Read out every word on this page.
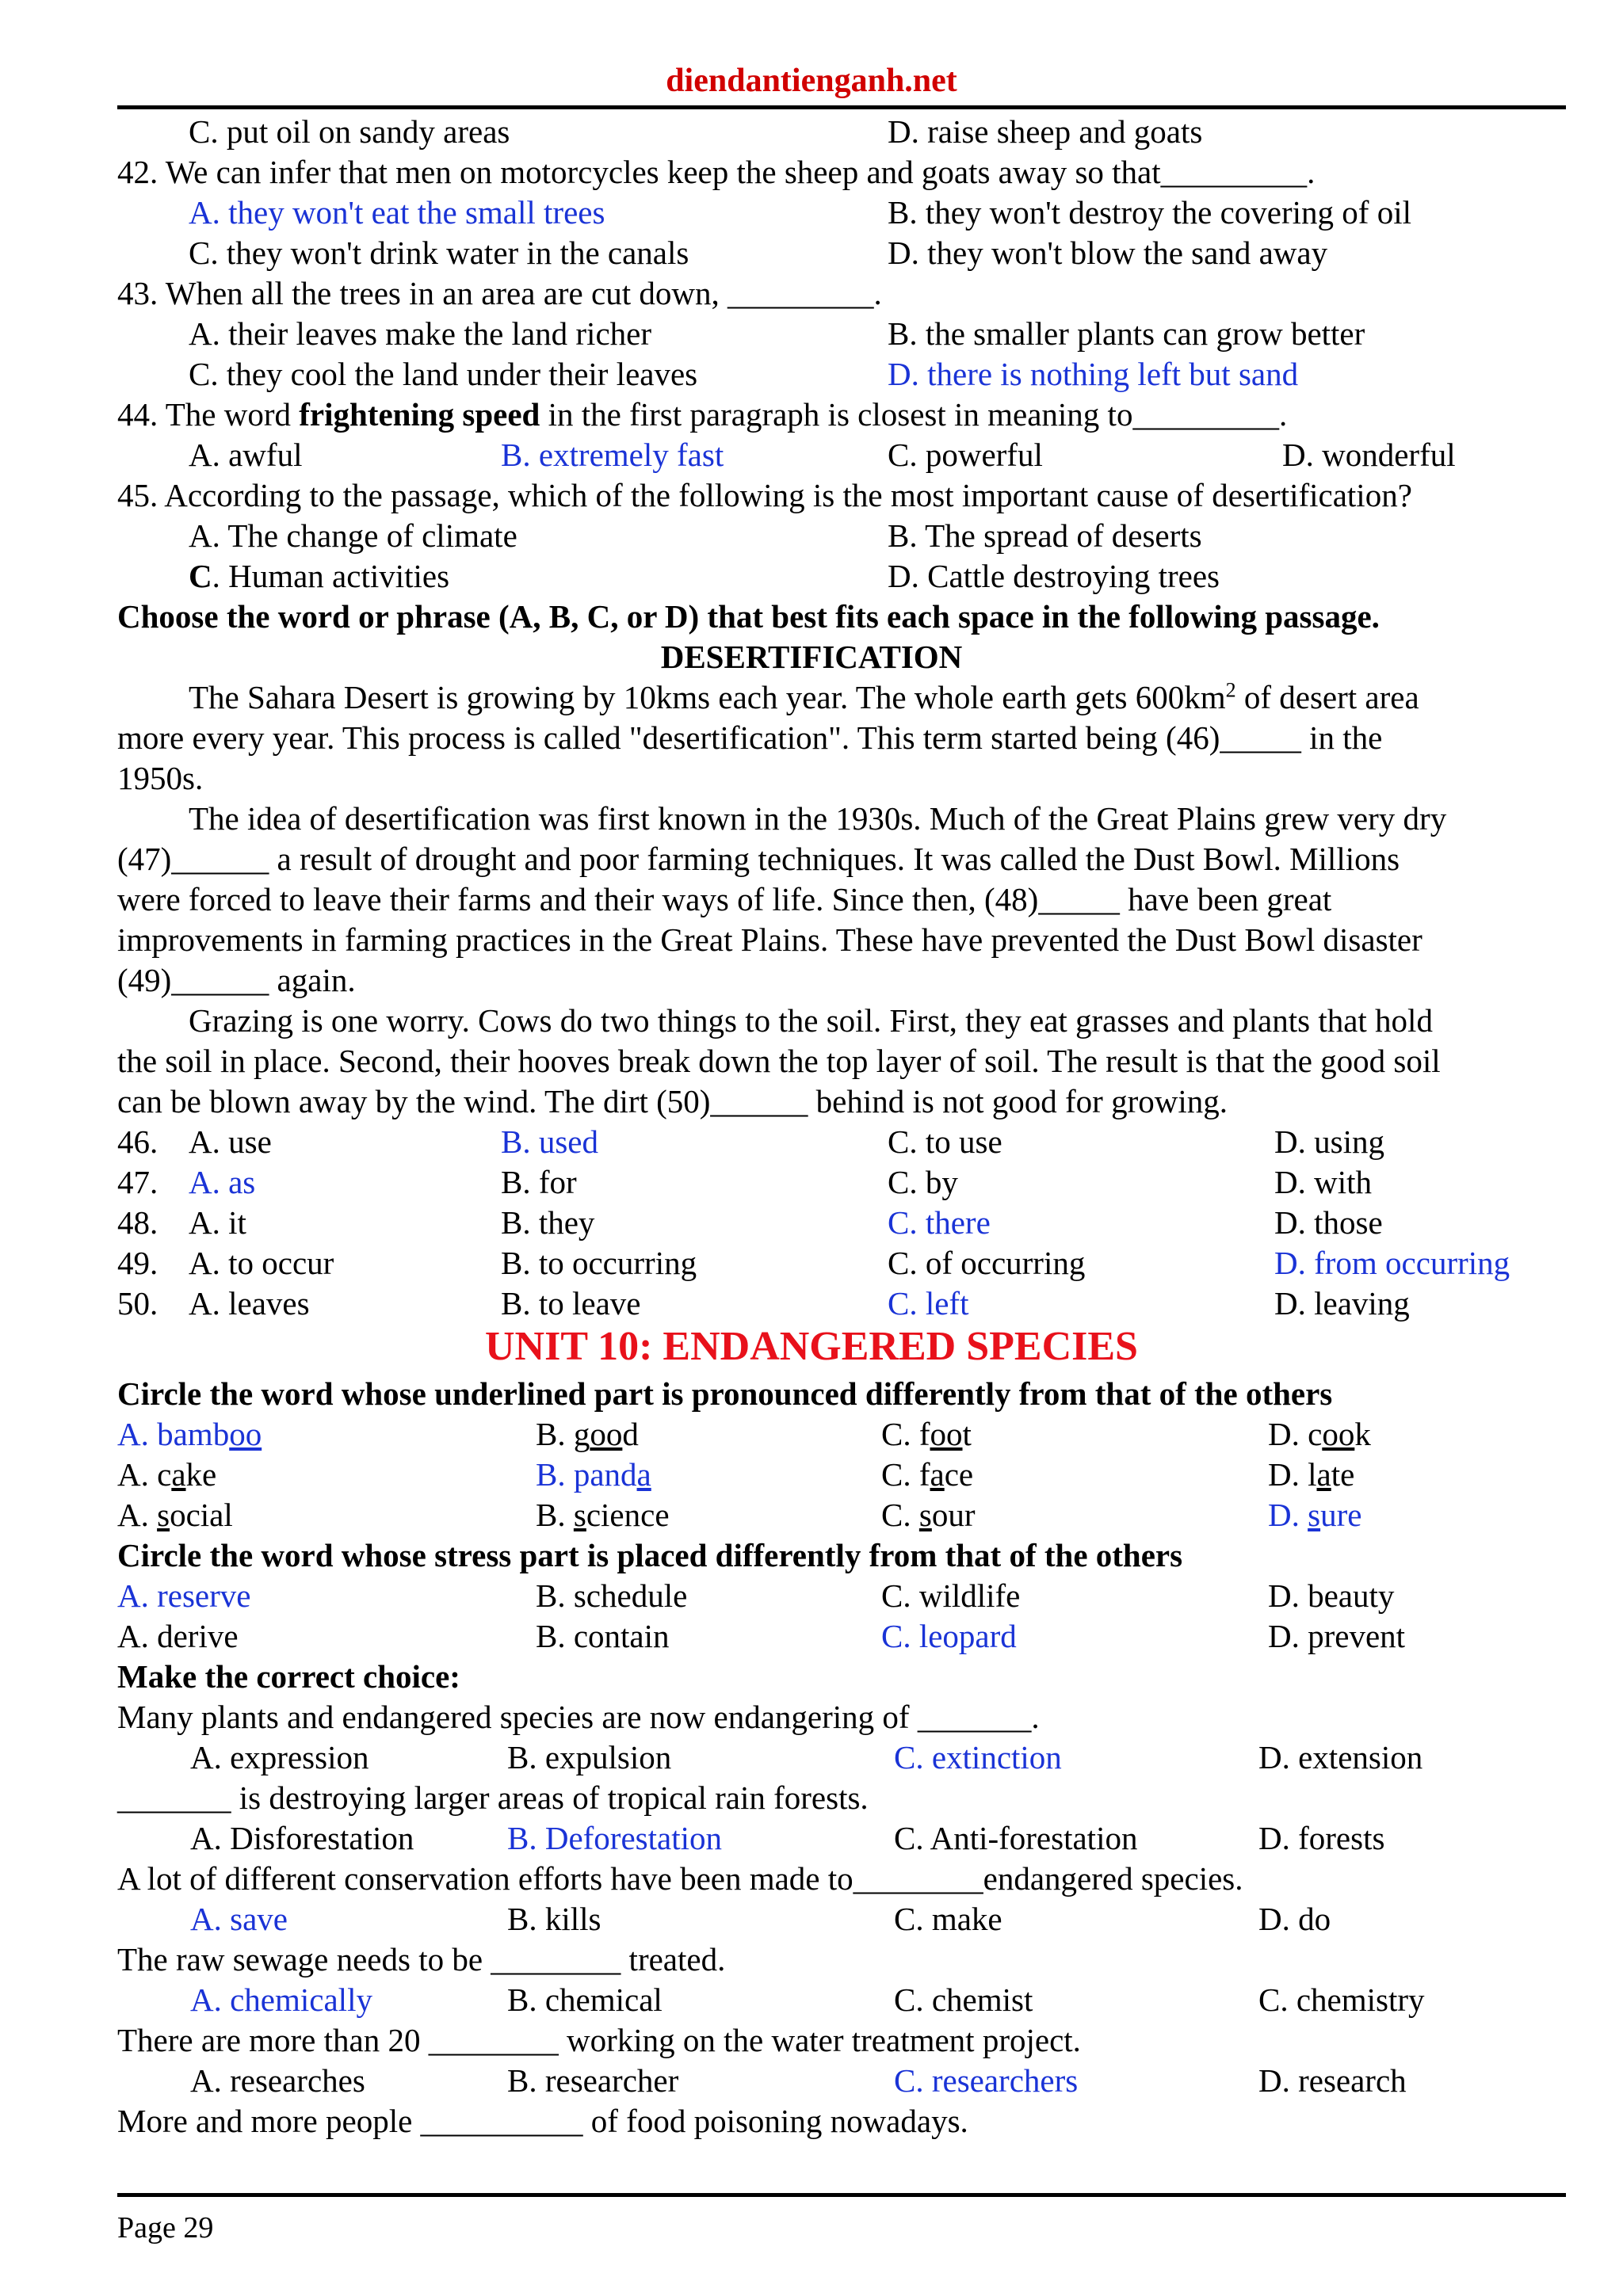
diendantienganh.net
C. put oil on sandy areas	D. raise sheep and goats
42. We can infer that men on motorcycles keep the sheep and goats away so that_________.
A. they won't eat the small trees	B. they won't destroy the covering of oil
C. they won't drink water in the canals	D. they won't blow the sand away
43. When all the trees in an area are cut down, _________.
A. their leaves make the land richer	B. the smaller plants can grow better
C. they cool the land under their leaves	D. there is nothing left but sand
44. The word frightening speed in the first paragraph is closest in meaning to_________.
A. awful	B. extremely fast	C. powerful	D. wonderful
45. According to the passage, which of the following is the most important cause of desertification?
A. The change of climate	B. The spread of deserts
C. Human activities	D. Cattle destroying trees
Choose the word or phrase (A, B, C, or D) that best fits each space in the following passage.
DESERTIFICATION
The Sahara Desert is growing by 10kms each year. The whole earth gets $600km^2$ of desert area
more every year. This process is called "desertification". This term started being (46)_____ in the
1950s.
The idea of desertification was first known in the 1930s. Much of the Great Plains grew very dry
(47)______ a result of drought and poor farming techniques. It was called the Dust Bowl. Millions
were forced to leave their farms and their ways of life. Since then, (48)_____ have been great
improvements in farming practices in the Great Plains. These have prevented the Dust Bowl disaster
(49)______ again.
Grazing is one worry. Cows do two things to the soil. First, they eat grasses and plants that hold
the soil in place. Second, their hooves break down the top layer of soil. The result is that the good soil
can be blown away by the wind. The dirt (50)______ behind is not good for growing.
46. A. use	B. used	C. to use	D. using
47. A. as	B. for	C. by	D. with
48. A. it	B. they	C. there	D. those
49. A. to occur	B. to occurring	C. of occurring	D. from occurring
50. A. leaves	B. to leave	C. left	D. leaving
UNIT 10: ENDANGERED SPECIES
Circle the word whose underlined part is pronounced differently from that of the others
A. bamboo	B. good	C. foot	D. cook
A. cake	B. panda	C. face	D. late
A. social	B. science	C. sour	D. sure
Circle the word whose stress part is placed differently from that of the others
A. reserve	B. schedule	C. wildlife	D. beauty
A. derive	B. contain	C. leopard	D. prevent
Make the correct choice:
Many plants and endangered species are now endangering of _______.
A. expression	B. expulsion	C. extinction	D. extension
_______ is destroying larger areas of tropical rain forests.
A. Disforestation	B. Deforestation	C. Anti-forestation	D. forests
A lot of different conservation efforts have been made to________endangered species.
A. save	B. kills	C. make	D. do
The raw sewage needs to be ________ treated.
A. chemically	B. chemical	C. chemist	C. chemistry
There are more than 20 ________ working on the water treatment project.
A. researches	B. researcher	C. researchers	D. research
More and more people __________ of food poisoning nowadays.
Page 29
